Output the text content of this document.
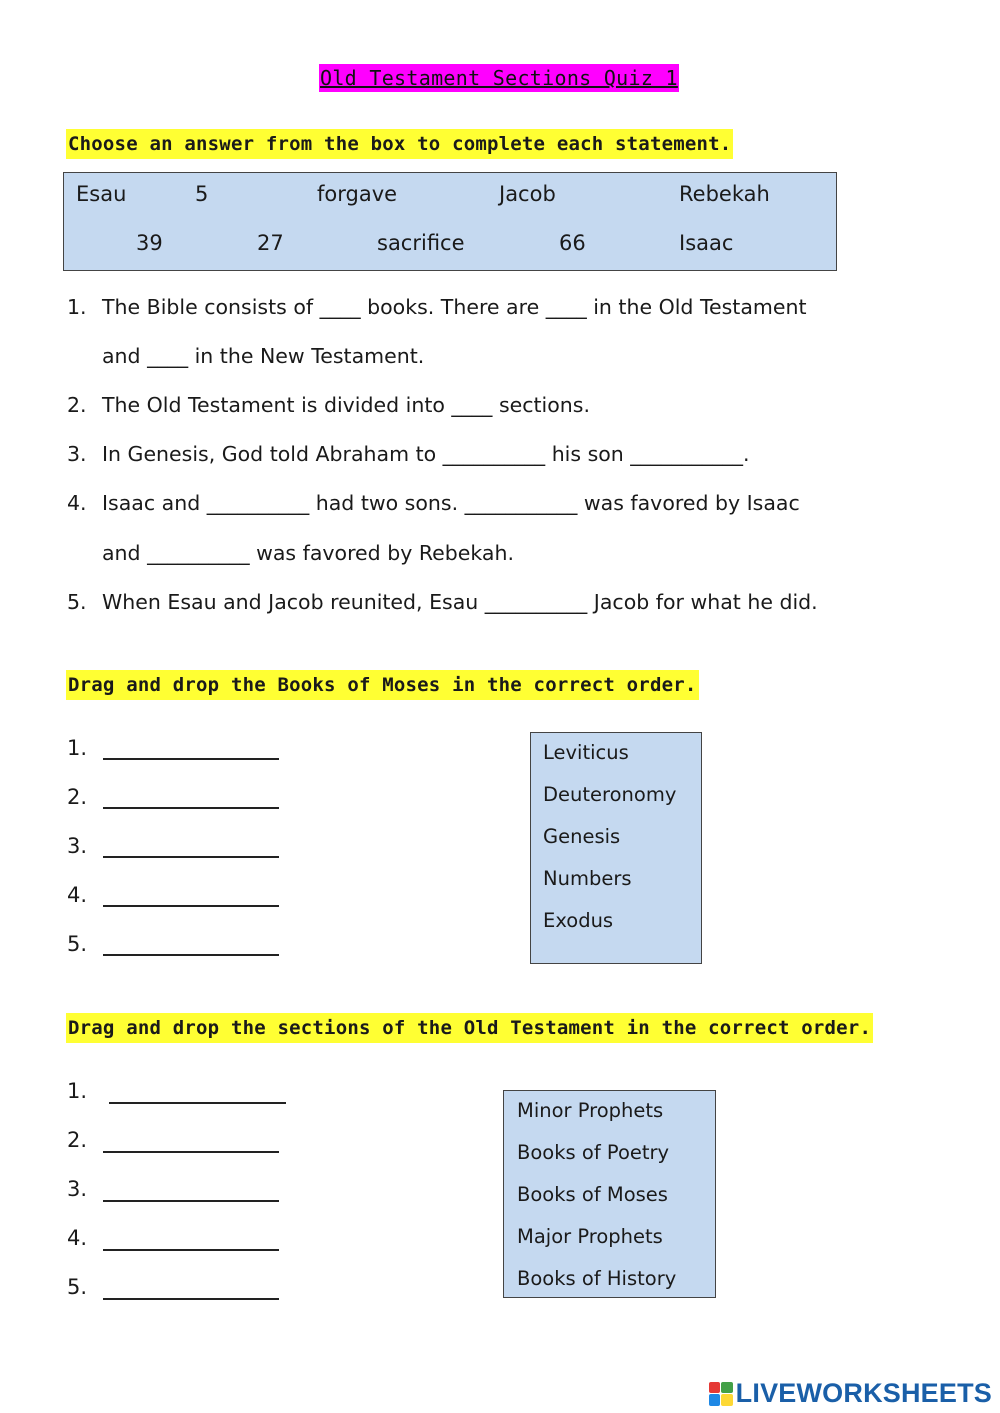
Old Testament Sections Quiz 1
Choose an answer from the box to complete each statement.
Esau	5	forgave	Jacob	Rebekah
39	27	sacrifice	66	Isaac
1. The Bible consists of ____ books. There are ____ in the Old Testament
and ____ in the New Testament.
2. The Old Testament is divided into ____ sections.
3. In Genesis, God told Abraham to __________ his son ___________.
4. Isaac and __________ had two sons. ___________ was favored by Isaac
and __________ was favored by Rebekah.
5. When Esau and Jacob reunited, Esau __________ Jacob for what he did.
Drag and drop the Books of Moses in the correct order.
1.
2.
3.
4.
5.
Leviticus
Deuteronomy
Genesis
Numbers
Exodus
Drag and drop the sections of the Old Testament in the correct order.
1.
2.
3.
4.
5.
Minor Prophets
Books of Poetry
Books of Moses
Major Prophets
Books of History
LIVEWORKSHEETS
